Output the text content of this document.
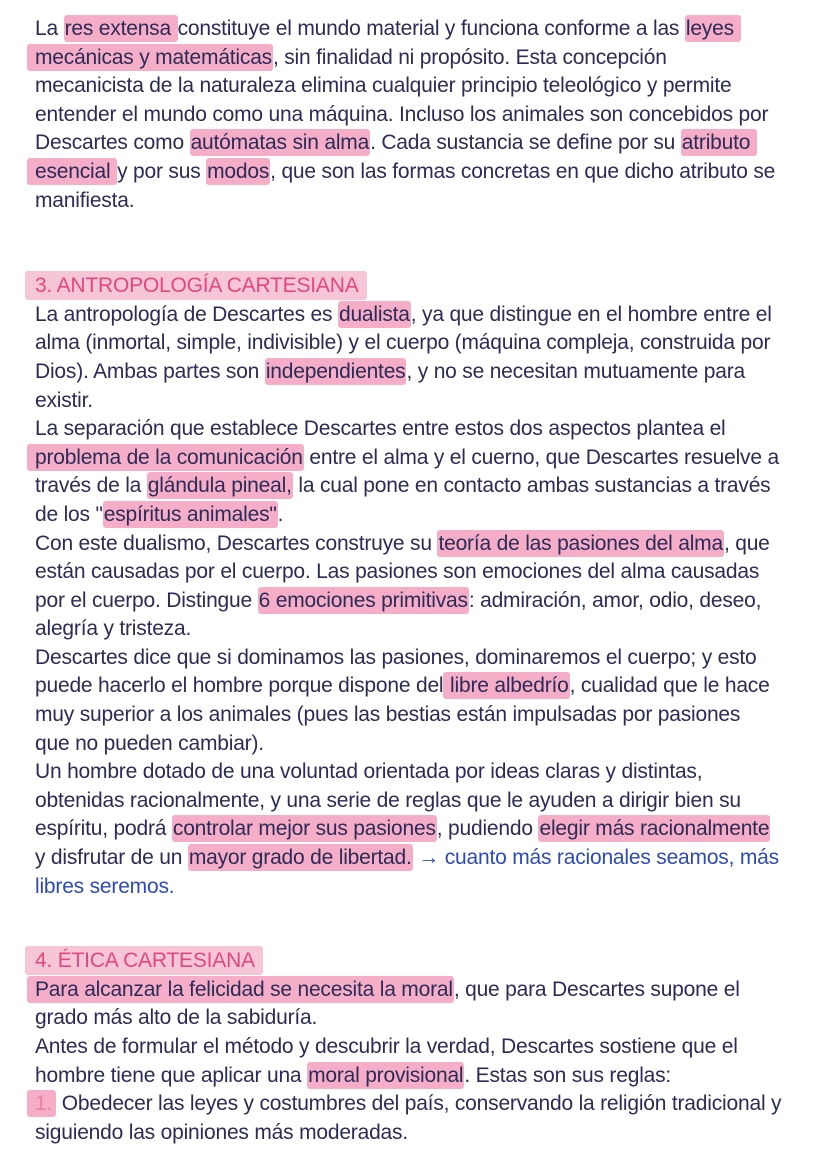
La res extensa constituye el mundo material y funciona conforme a las leyes
mecánicas y matemáticas, sin finalidad ni propósito. Esta concepción
mecanicista de la naturaleza elimina cualquier principio teleológico y permite
entender el mundo como una máquina. Incluso los animales son concebidos por
Descartes como autómatas sin alma. Cada sustancia se define por su atributo
esencial y por sus modos, que son las formas concretas en que dicho atributo se
manifiesta.
3. ANTROPOLOGÍA CARTESIANA
La antropología de Descartes es dualista, ya que distingue en el hombre entre el
alma (inmortal, simple, indivisible) y el cuerpo (máquina compleja, construida por
Dios). Ambas partes son independientes, y no se necesitan mutuamente para
existir.
La separación que establece Descartes entre estos dos aspectos plantea el
problema de la comunicación entre el alma y el cuerno, que Descartes resuelve a
través de la glándula pineal, la cual pone en contacto ambas sustancias a través
de los "espíritus animales".
Con este dualismo, Descartes construye su teoría de las pasiones del alma, que
están causadas por el cuerpo. Las pasiones son emociones del alma causadas
por el cuerpo. Distingue 6 emociones primitivas: admiración, amor, odio, deseo,
alegría y tristeza.
Descartes dice que si dominamos las pasiones, dominaremos el cuerpo; y esto
puede hacerlo el hombre porque dispone del libre albedrío, cualidad que le hace
muy superior a los animales (pues las bestias están impulsadas por pasiones
que no pueden cambiar).
Un hombre dotado de una voluntad orientada por ideas claras y distintas,
obtenidas racionalmente, y una serie de reglas que le ayuden a dirigir bien su
espíritu, podrá controlar mejor sus pasiones, pudiendo elegir más racionalmente
y disfrutar de un mayor grado de libertad. → cuanto más racionales seamos, más
libres seremos.
4. ÉTICA CARTESIANA
Para alcanzar la felicidad se necesita la moral, que para Descartes supone el
grado más alto de la sabiduría.
Antes de formular el método y descubrir la verdad, Descartes sostiene que el
hombre tiene que aplicar una moral provisional. Estas son sus reglas:
1. Obedecer las leyes y costumbres del país, conservando la religión tradicional y
siguiendo las opiniones más moderadas.
